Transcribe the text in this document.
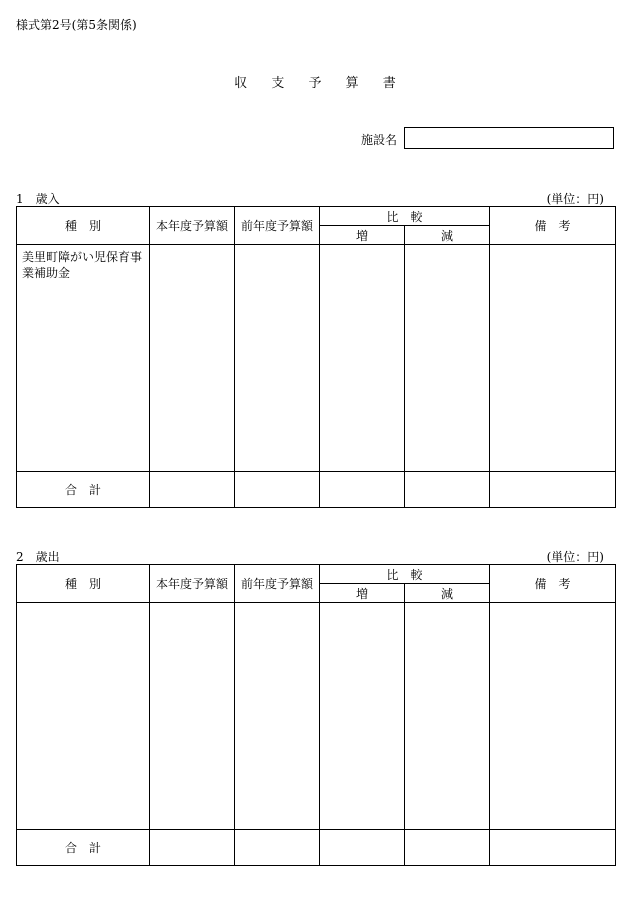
様式第2号(第5条関係)
収 支 予 算 書
施設名
1　歳入	(単位：円)
種　別	本年度予算額	前年度予算額	比　較		備　考
			増	減	

美里町障がい児保育事業補助金					

合　計					
2　歳出	(単位：円)
種　別	本年度予算額	前年度予算額	比　較		備　考
			増	減	

合　計					
